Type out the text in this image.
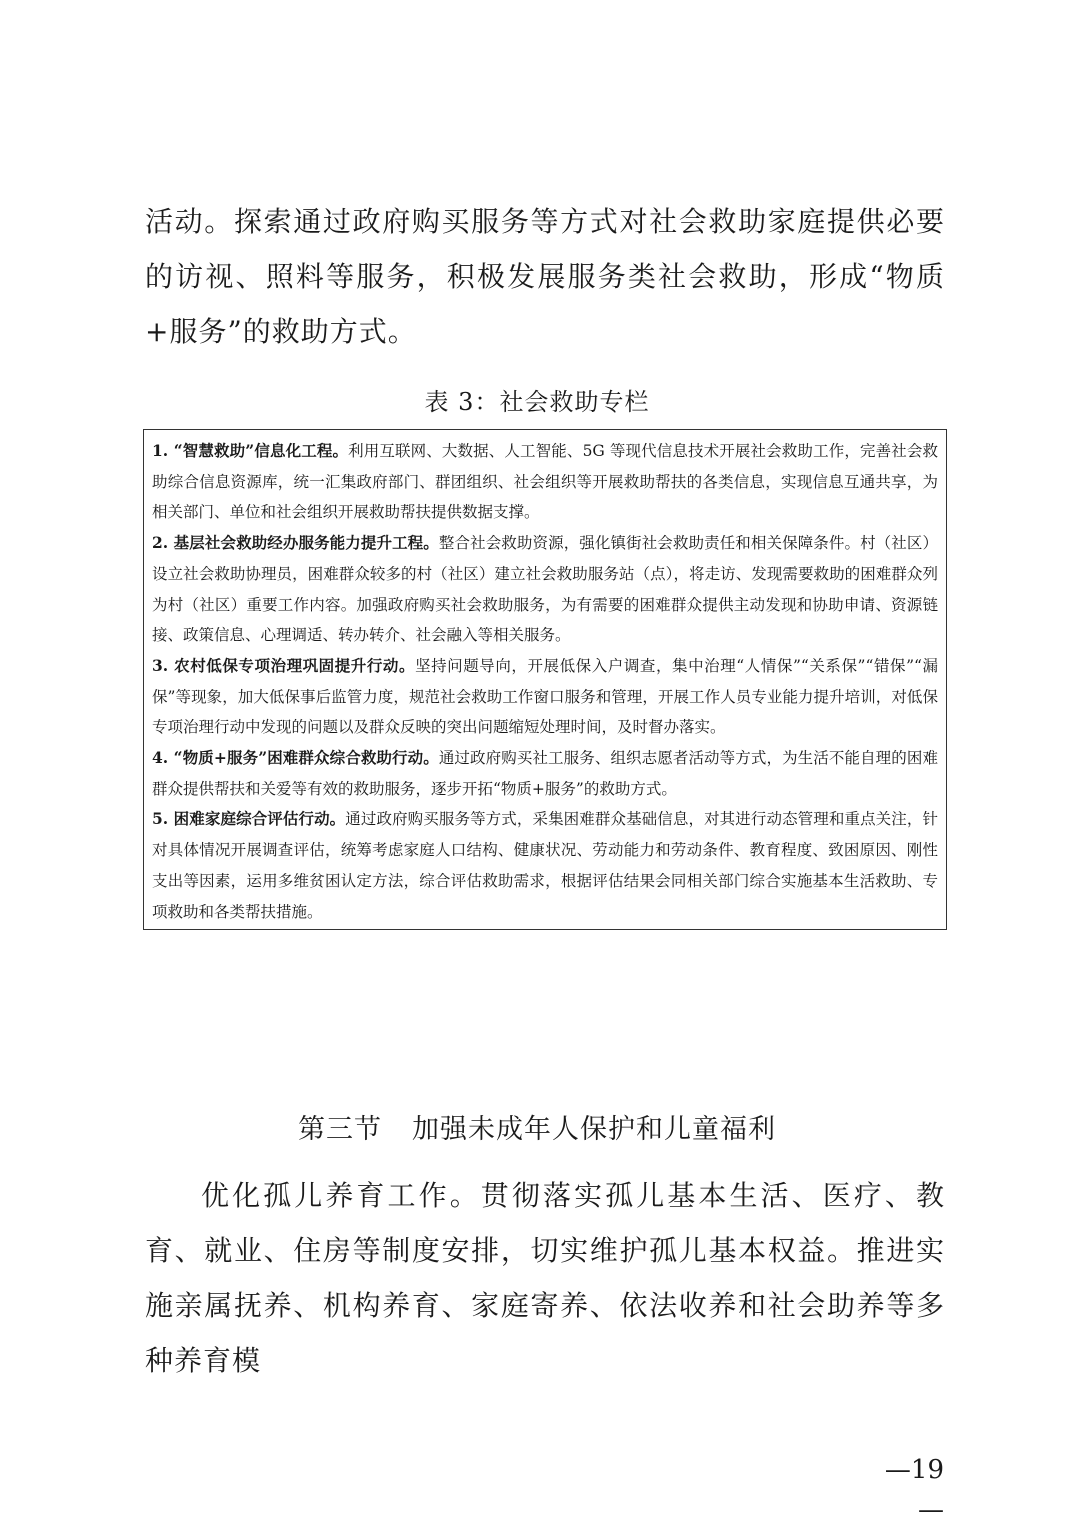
活动。探索通过政府购买服务等方式对社会救助家庭提供必要的访视、照料等服务，积极发展服务类社会救助，形成“物质+服务”的救助方式。

表 3：社会救助专栏

1. “智慧救助”信息化工程。利用互联网、大数据、人工智能、5G 等现代信息技术开展社会救助工作，完善社会救助综合信息资源库，统一汇集政府部门、群团组织、社会组织等开展救助帮扶的各类信息，实现信息互通共享，为相关部门、单位和社会组织开展救助帮扶提供数据支撑。

2. 基层社会救助经办服务能力提升工程。整合社会救助资源，强化镇街社会救助责任和相关保障条件。村（社区）设立社会救助协理员，困难群众较多的村（社区）建立社会救助服务站（点），将走访、发现需要救助的困难群众列为村（社区）重要工作内容。加强政府购买社会救助服务，为有需要的困难群众提供主动发现和协助申请、资源链接、政策信息、心理调适、转办转介、社会融入等相关服务。

3. 农村低保专项治理巩固提升行动。坚持问题导向，开展低保入户调查，集中治理“人情保”“关系保”“错保”“漏保”等现象，加大低保事后监管力度，规范社会救助工作窗口服务和管理，开展工作人员专业能力提升培训，对低保专项治理行动中发现的问题以及群众反映的突出问题缩短处理时间，及时督办落实。

4. “物质+服务”困难群众综合救助行动。通过政府购买社工服务、组织志愿者活动等方式，为生活不能自理的困难群众提供帮扶和关爱等有效的救助服务，逐步开拓“物质+服务”的救助方式。

5. 困难家庭综合评估行动。通过政府购买服务等方式，采集困难群众基础信息，对其进行动态管理和重点关注，针对具体情况开展调查评估，统筹考虑家庭人口结构、健康状况、劳动能力和劳动条件、教育程度、致困原因、刚性支出等因素，运用多维贫困认定方法，综合评估救助需求，根据评估结果会同相关部门综合实施基本生活救助、专项救助和各类帮扶措施。

第三节 加强未成年人保护和儿童福利

优化孤儿养育工作。贯彻落实孤儿基本生活、医疗、教育、就业、住房等制度安排，切实维护孤儿基本权益。推进实施亲属抚养、机构养育、家庭寄养、依法收养和社会助养等多种养育模

—19—
